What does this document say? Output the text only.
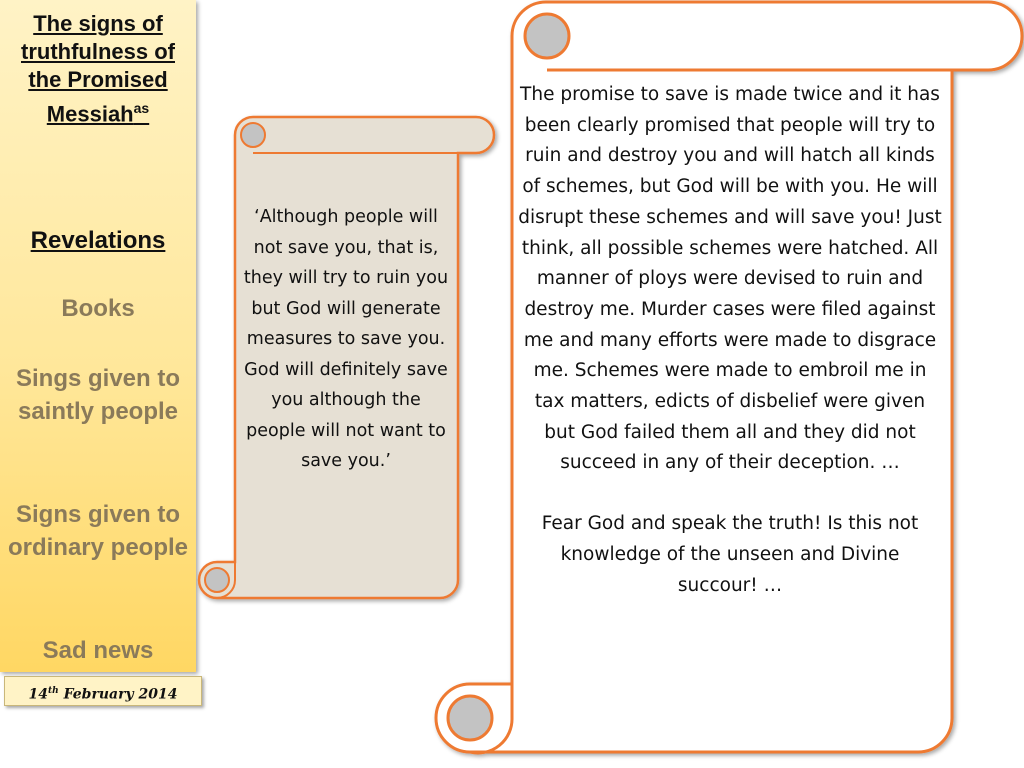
The signs of truthfulness of the Promised Messiah$^{as}$
Revelations
Books
Sings given to saintly people
Signs given to ordinary people
Sad news
14th February 2014
‘Although people will not save you, that is, they will try to ruin you but God will generate measures to save you. God will definitely save you although the people will not want to save you.’

The promise to save is made twice and it has been clearly promised that people will try to ruin and destroy you and will hatch all kinds of schemes, but God will be with you. He will disrupt these schemes and will save you! Just think, all possible schemes were hatched. All manner of ploys were devised to ruin and destroy me. Murder cases were filed against me and many efforts were made to disgrace me. Schemes were made to embroil me in tax matters, edicts of disbelief were given but God failed them all and they did not succeed in any of their deception. …

Fear God and speak the truth! Is this not knowledge of the unseen and Divine succour! …
